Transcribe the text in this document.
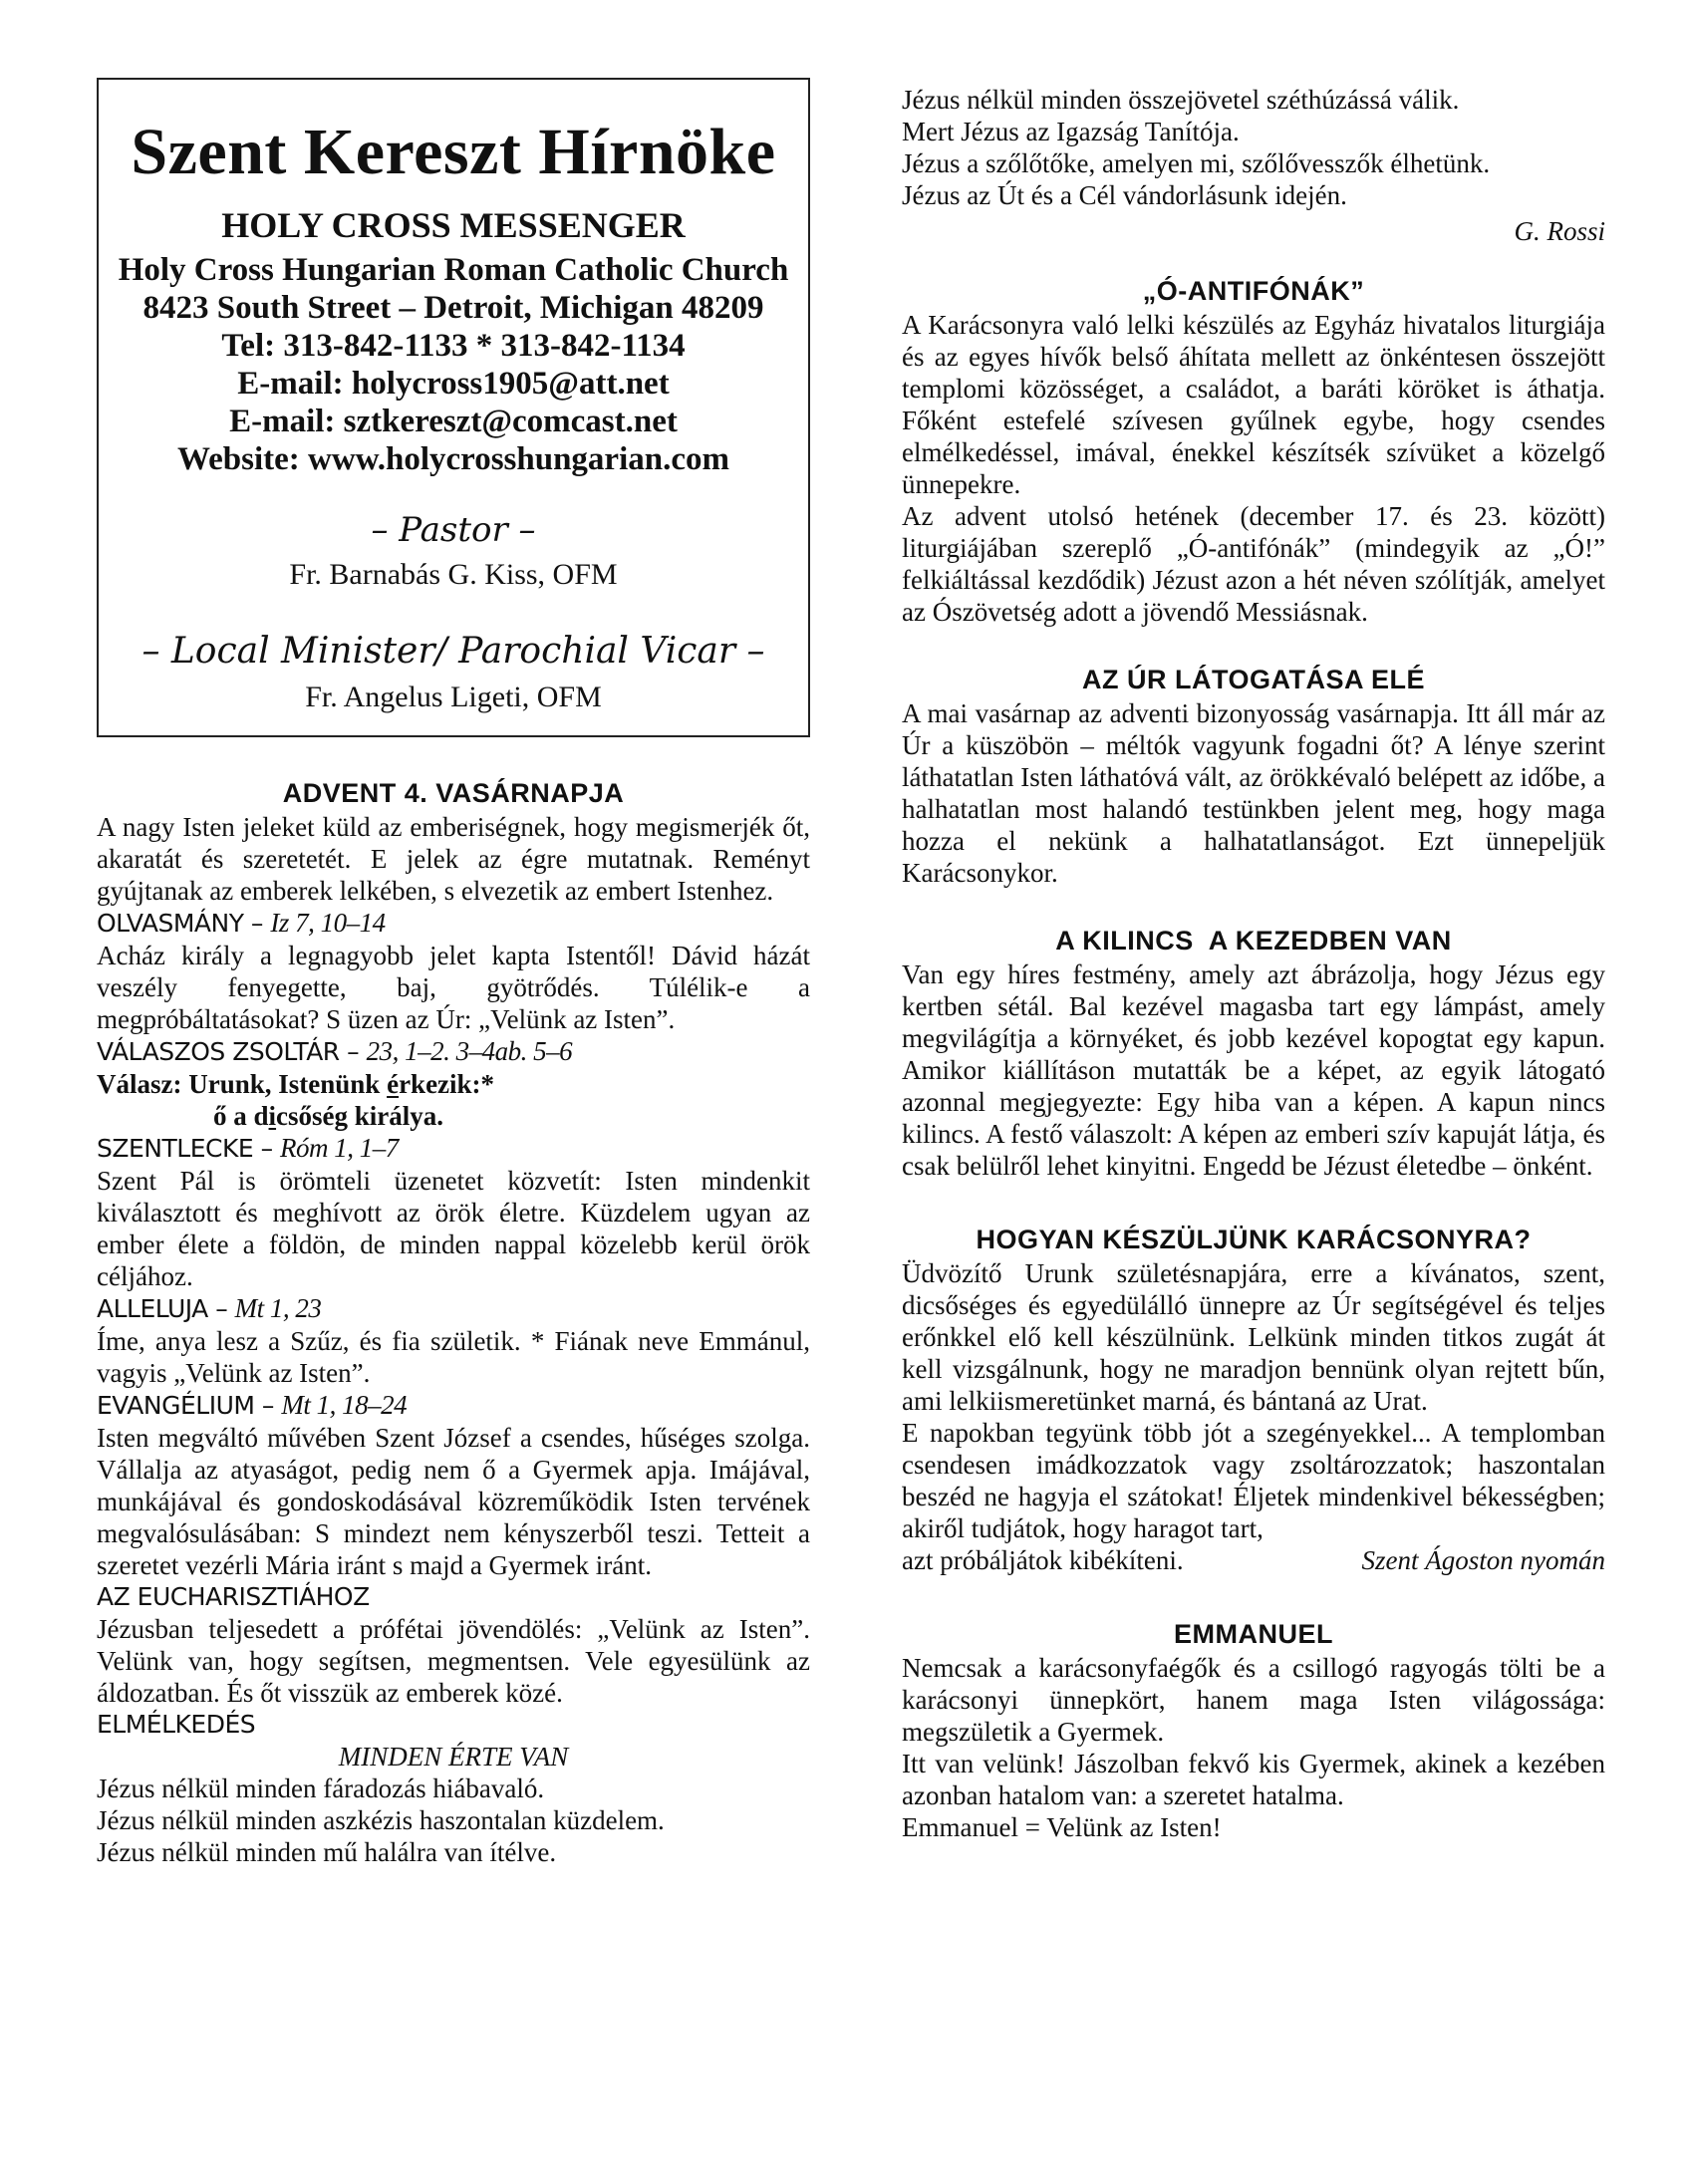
Szent Kereszt Hírnöke
HOLY CROSS MESSENGER
Holy Cross Hungarian Roman Catholic Church
8423 South Street – Detroit, Michigan 48209
Tel: 313-842-1133 * 313-842-1134
E-mail: holycross1905@att.net
E-mail: sztkereszt@comcast.net
Website: www.holycrosshungarian.com
– Pastor –
Fr. Barnabás G. Kiss, OFM
– Local Minister/ Parochial Vicar –
Fr. Angelus Ligeti, OFM
ADVENT 4. VASÁRNAPJA

A nagy Isten jeleket küld az emberiségnek, hogy megismerjék őt, akaratát és szeretetét. E jelek az égre mutatnak. Reményt gyújtanak az emberek lelkében, s elvezetik az embert Istenhez.

OLVASMÁNY – Iz 7, 10–14

Acház király a legnagyobb jelet kapta Istentől! Dávid házát veszély fenyegette, baj, gyötrődés. Túlélik-e a megpróbáltatásokat? S üzen az Úr: „Velünk az Isten”.

VÁLASZOS ZSOLTÁR – 23, 1–2. 3–4ab. 5–6
Válasz: Urunk, Istenünk érkezik:*
ő a dicsőség királya.
SZENTLECKE – Róm 1, 1–7

Szent Pál is örömteli üzenetet közvetít: Isten mindenkit kiválasztott és meghívott az örök életre. Küzdelem ugyan az ember élete a földön, de minden nappal közelebb kerül örök céljához.

ALLELUJA – Mt 1, 23

Íme, anya lesz a Szűz, és fia születik. * Fiának neve Emmánul, vagyis „Velünk az Isten”.

EVANGÉLIUM – Mt 1, 18–24

Isten megváltó művében Szent József a csendes, hűséges szolga. Vállalja az atyaságot, pedig nem ő a Gyermek apja. Imájával, munkájával és gondoskodásával közreműködik Isten tervének megvalósulásában: S mindezt nem kényszerből teszi. Tetteit a szeretet vezérli Mária iránt s majd a Gyermek iránt.

AZ EUCHARISZTIÁHOZ

Jézusban teljesedett a prófétai jövendölés: „Velünk az Isten”. Velünk van, hogy segítsen, megmentsen. Vele egyesülünk az áldozatban. És őt visszük az emberek közé.

ELMÉLKEDÉS
MINDEN ÉRTE VAN
Jézus nélkül minden fáradozás hiábavaló.
Jézus nélkül minden aszkézis haszontalan küzdelem.
Jézus nélkül minden mű halálra van ítélve.
Jézus nélkül minden összejövetel széthúzássá válik.
Mert Jézus az Igazság Tanítója.
Jézus a szőlőtőke, amelyen mi, szőlővesszők élhetünk.
Jézus az Út és a Cél vándorlásunk idején.
G. Rossi
„Ó-ANTIFÓNÁK”

A Karácsonyra való lelki készülés az Egyház hivatalos liturgiája és az egyes hívők belső áhítata mellett az önkéntesen összejött templomi közösséget, a családot, a baráti köröket is áthatja. Főként estefelé szívesen gyűlnek egybe, hogy csendes elmélkedéssel, imával, énekkel készítsék szívüket a közelgő ünnepekre.

Az advent utolsó hetének (december 17. és 23. között) liturgiájában szereplő „Ó-antifónák” (mindegyik az „Ó!” felkiáltással kezdődik) Jézust azon a hét néven szólítják, amelyet az Ószövetség adott a jövendő Messiásnak.

AZ ÚR LÁTOGATÁSA ELÉ

A mai vasárnap az adventi bizonyosság vasárnapja. Itt áll már az Úr a küszöbön – méltók vagyunk fogadni őt? A lénye szerint láthatatlan Isten láthatóvá vált, az örökkévaló belépett az időbe, a halhatatlan most halandó testünkben jelent meg, hogy maga hozza el nekünk a halhatatlanságot. Ezt ünnepeljük Karácsonykor.

A KILINCS  A KEZEDBEN VAN

Van egy híres festmény, amely azt ábrázolja, hogy Jézus egy kertben sétál. Bal kezével magasba tart egy lámpást, amely megvilágítja a környéket, és jobb kezével kopogtat egy kapun. Amikor kiállításon mutatták be a képet, az egyik látogató azonnal megjegyezte: Egy hiba van a képen. A kapun nincs kilincs. A festő válaszolt: A képen az emberi szív kapuját látja, és csak belülről lehet kinyitni. Engedd be Jézust életedbe – önként.

HOGYAN KÉSZÜLJÜNK KARÁCSONYRA?

Üdvözítő Urunk születésnapjára, erre a kívánatos, szent, dicsőséges és egyedülálló ünnepre az Úr segítségével és teljes erőnkkel elő kell készülnünk. Lelkünk minden titkos zugát át kell vizsgálnunk, hogy ne maradjon bennünk olyan rejtett bűn, ami lelkiismeretünket marná, és bántaná az Urat.

E napokban tegyünk több jót a szegényekkel... A templomban csendesen imádkozzatok vagy zsoltározzatok; haszontalan beszéd ne hagyja el szátokat! Éljetek mindenkivel békességben; akiről tudjátok, hogy haragot tart,

azt próbáljátok kibékíteni.	Szent Ágoston nyomán
EMMANUEL

Nemcsak a karácsonyfaégők és a csillogó ragyogás tölti be a karácsonyi ünnepkört, hanem maga Isten világossága: megszületik a Gyermek.

Itt van velünk! Jászolban fekvő kis Gyermek, akinek a kezében azonban hatalom van: a szeretet hatalma.

Emmanuel = Velünk az Isten!
